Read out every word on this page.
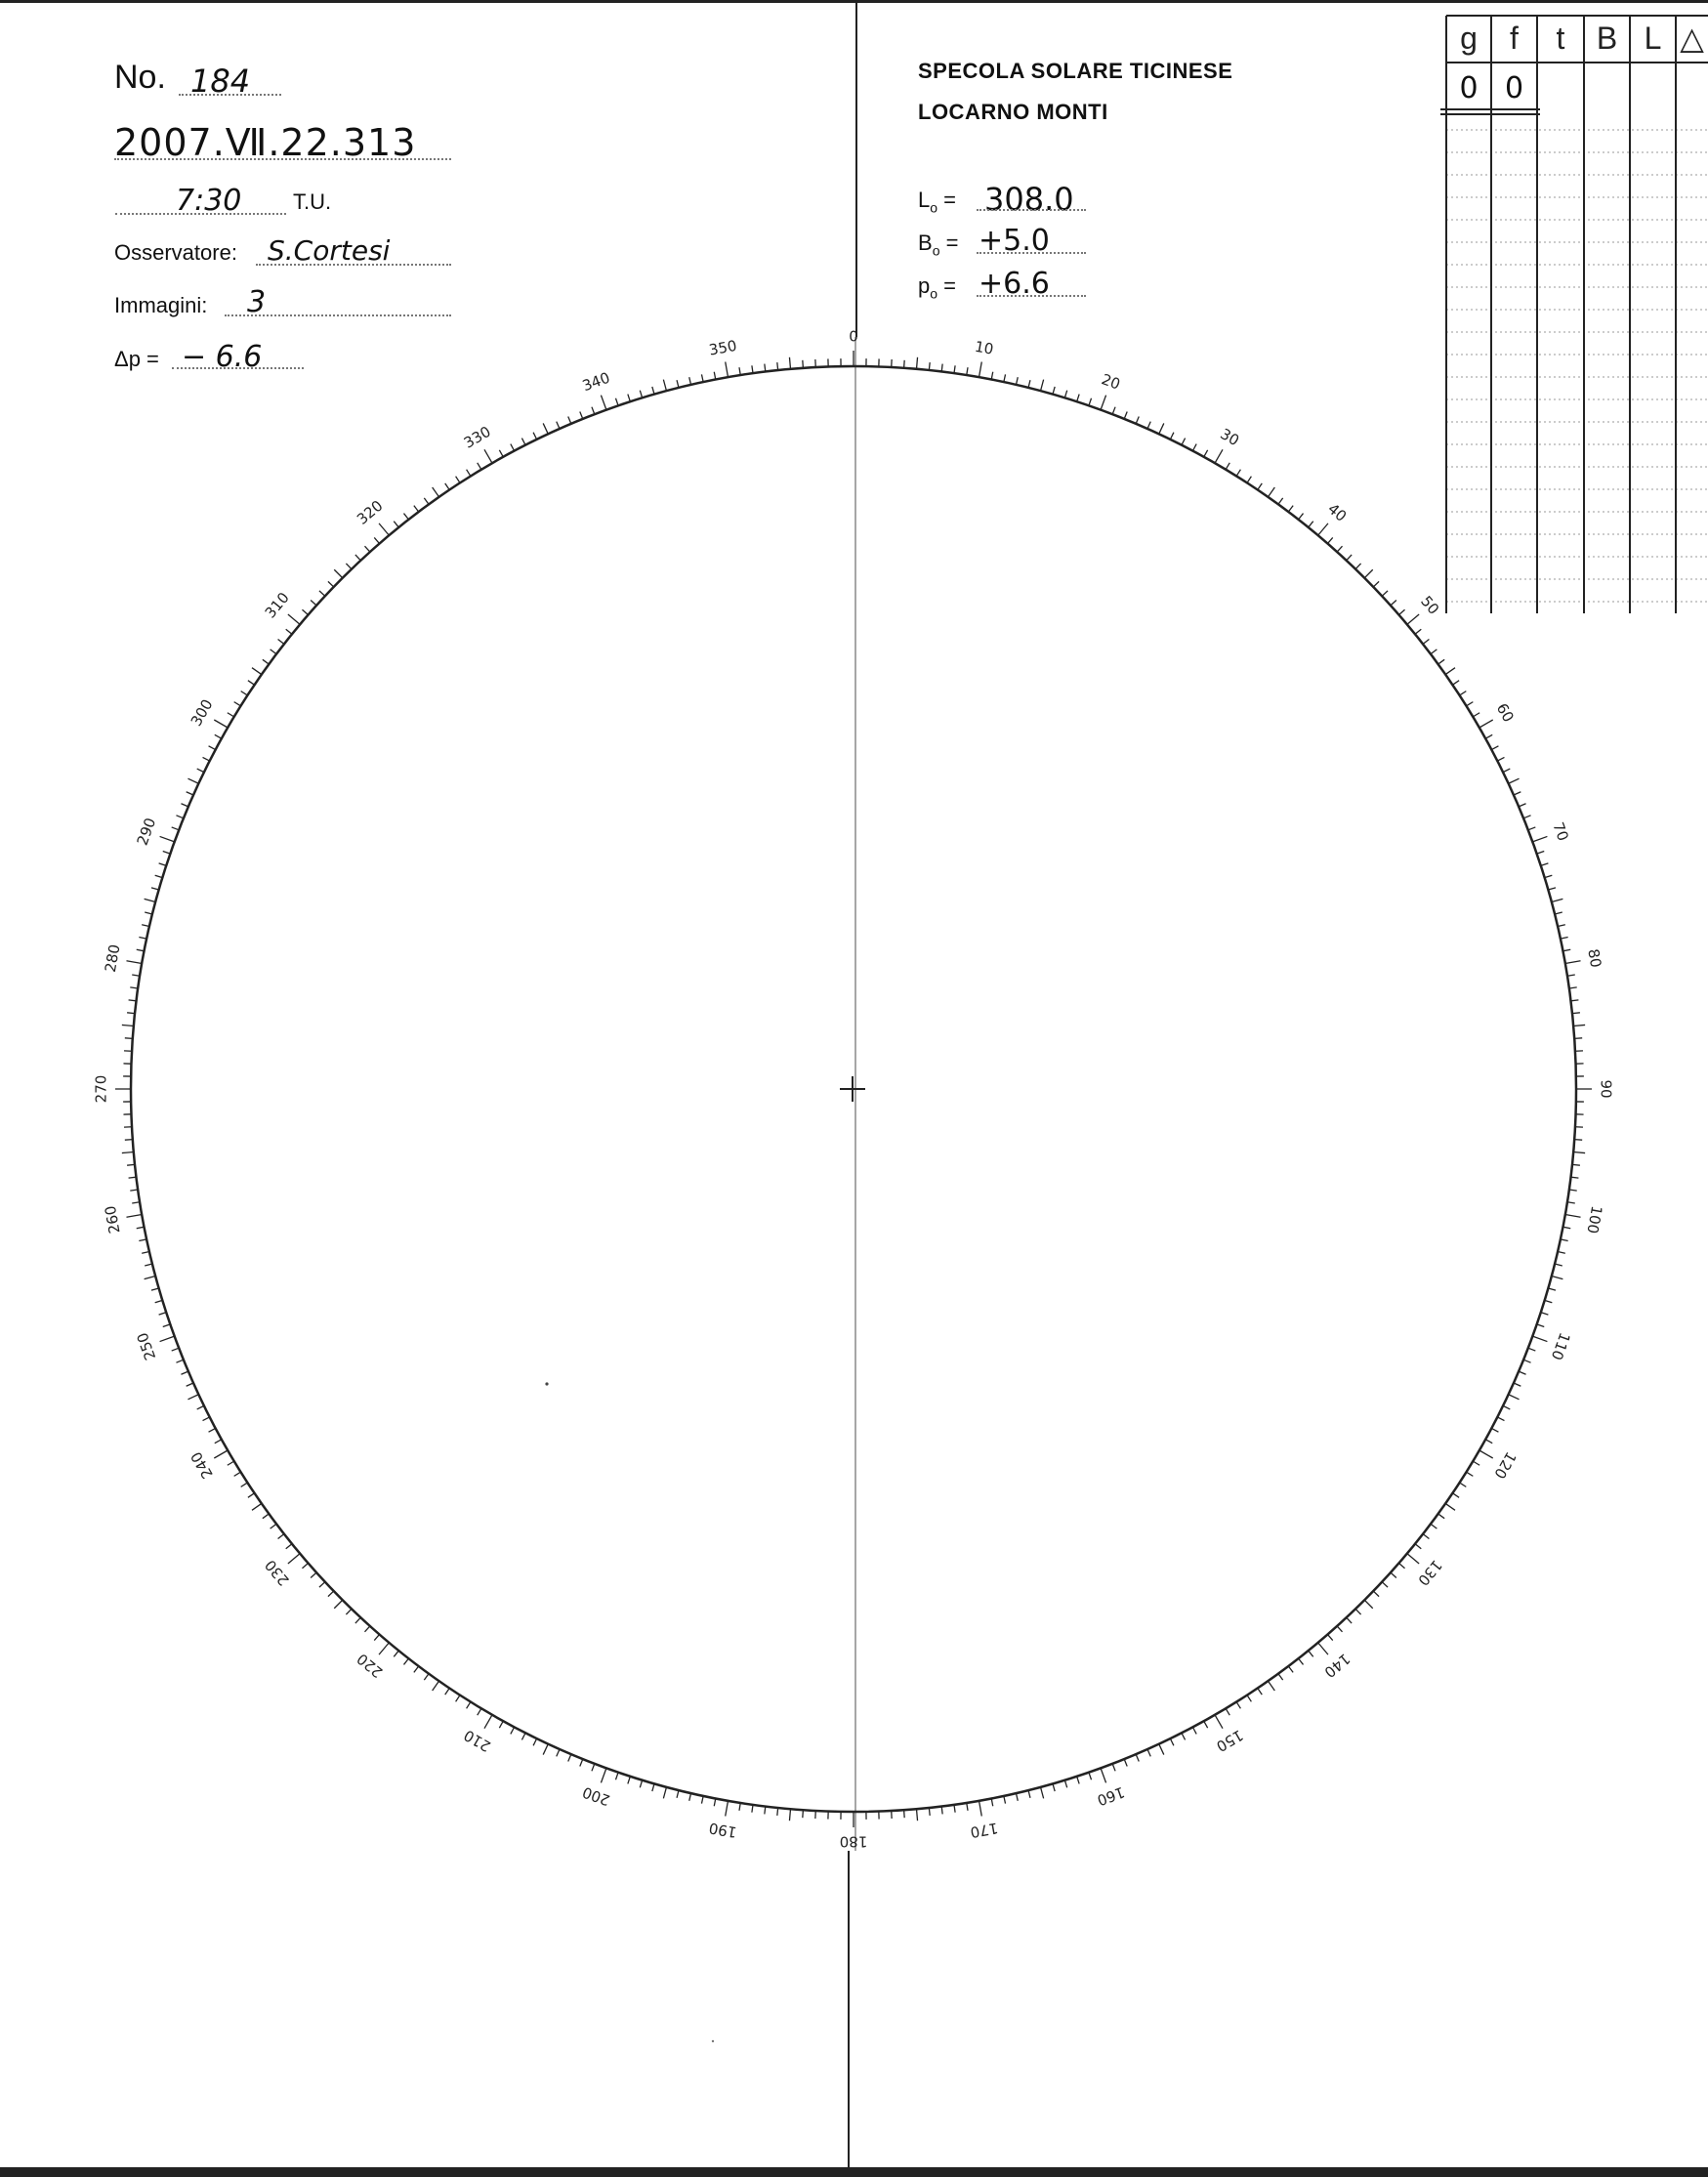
No. 184
2007.Ⅶ.22.313
7:30 T.U.
Osservatore: S.Cortesi
Immagini: 3
Δp = − 6.6
SPECOLA SOLARE TICINESE
LOCARNO MONTI
$L_o = 308.0$
$B_o = +5.0$
$p_o = +6.6$
g	f	t	B L △
0 0
0
10
20
30
40
50
60
70
80
90
100
110
120
130
140
150
160
170
180
190
200
210
220
230
240
250
260
270
280
290
300
310
320
330
340
350
